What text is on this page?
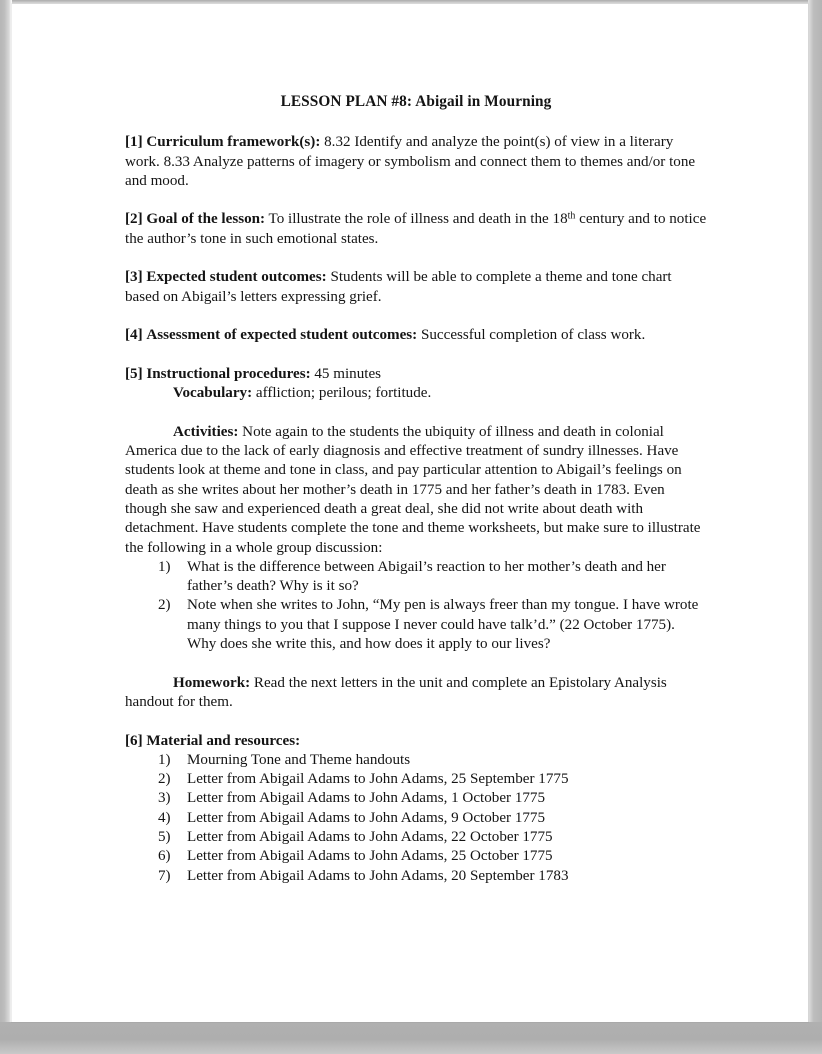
LESSON PLAN #8: Abigail in Mourning
[1] Curriculum framework(s): 8.32 Identify and analyze the point(s) of view in a literary work. 8.33 Analyze patterns of imagery or symbolism and connect them to themes and/or tone and mood.
[2] Goal of the lesson: To illustrate the role of illness and death in the 18th century and to notice the author’s tone in such emotional states.
[3] Expected student outcomes: Students will be able to complete a theme and tone chart based on Abigail’s letters expressing grief.
[4] Assessment of expected student outcomes: Successful completion of class work.
[5] Instructional procedures: 45 minutes
Vocabulary: affliction; perilous; fortitude.
Activities: Note again to the students the ubiquity of illness and death in colonial America due to the lack of early diagnosis and effective treatment of sundry illnesses. Have students look at theme and tone in class, and pay particular attention to Abigail’s feelings on death as she writes about her mother’s death in 1775 and her father’s death in 1783. Even though she saw and experienced death a great deal, she did not write about death with detachment. Have students complete the tone and theme worksheets, but make sure to illustrate the following in a whole group discussion:
1)	What is the difference between Abigail’s reaction to her mother’s death and her father’s death? Why is it so?
2)	Note when she writes to John, “My pen is always freer than my tongue. I have wrote many things to you that I suppose I never could have talk’d.” (22 October 1775). Why does she write this, and how does it apply to our lives?
Homework: Read the next letters in the unit and complete an Epistolary Analysis handout for them.
[6] Material and resources:
1)	Mourning Tone and Theme handouts
2)	Letter from Abigail Adams to John Adams, 25 September 1775
3)	Letter from Abigail Adams to John Adams, 1 October 1775
4)	Letter from Abigail Adams to John Adams, 9 October 1775
5)	Letter from Abigail Adams to John Adams, 22 October 1775
6)	Letter from Abigail Adams to John Adams, 25 October 1775
7)	Letter from Abigail Adams to John Adams, 20 September 1783
